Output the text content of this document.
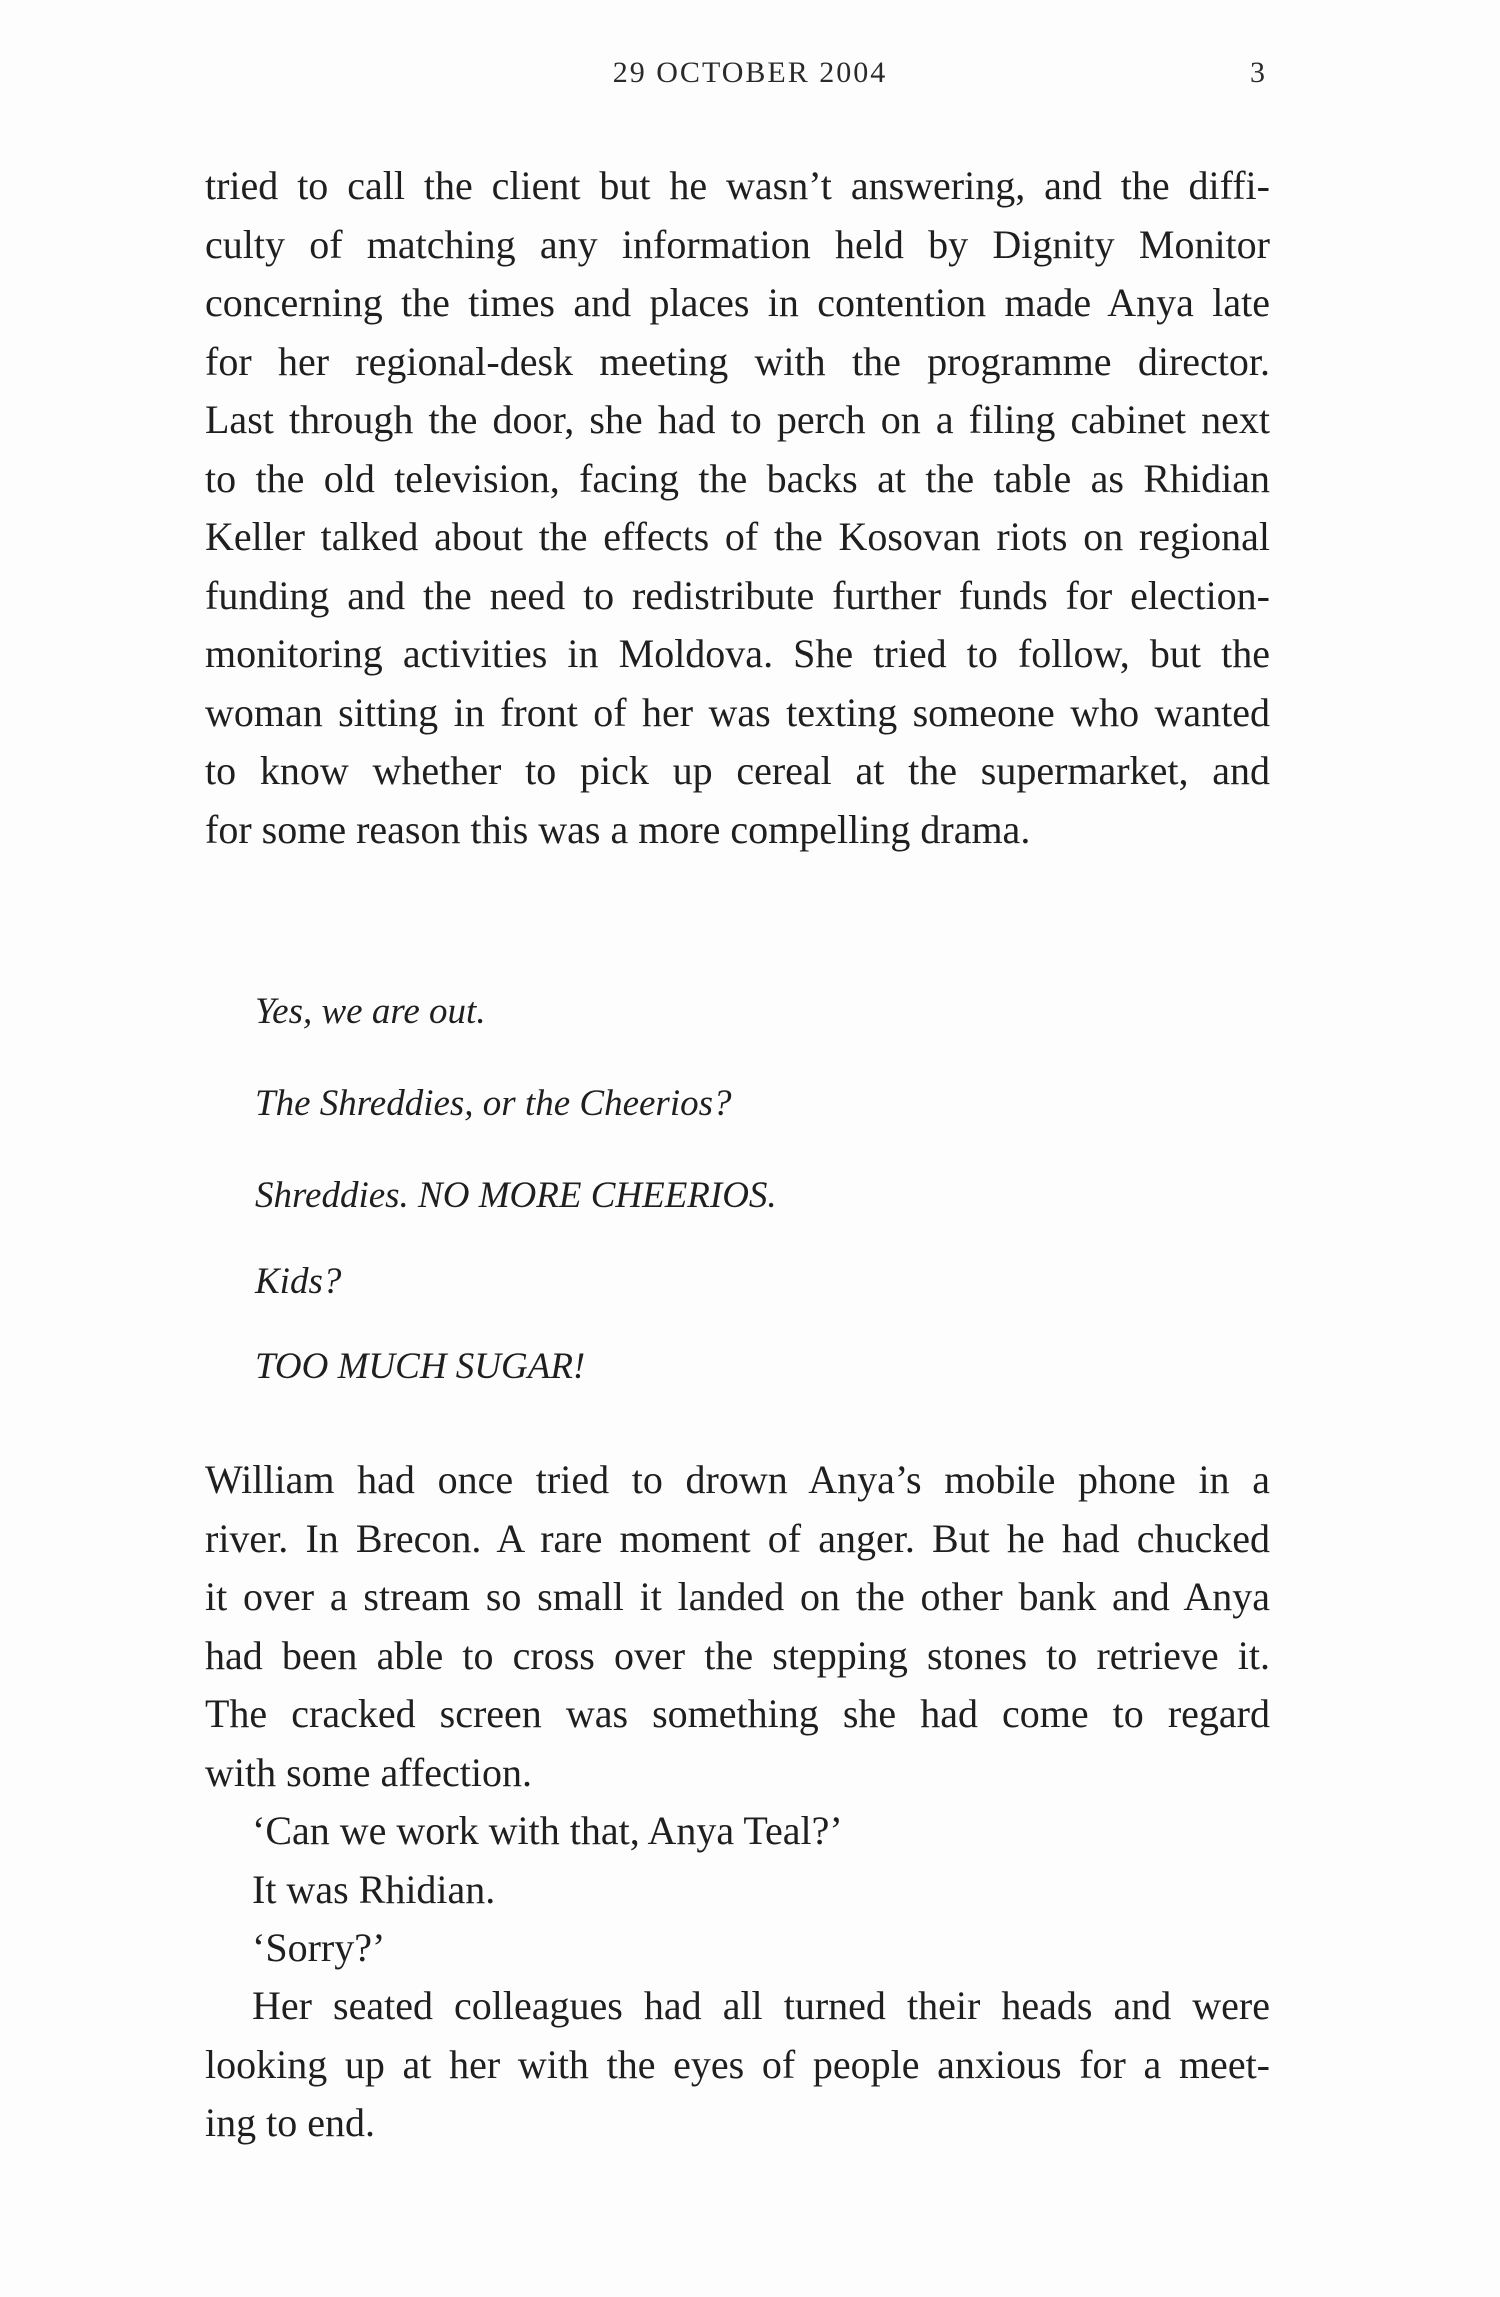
29 OCTOBER 2004	3
tried to call the client but he wasn’t answering, and the diffi-
culty of matching any information held by Dignity Monitor
concerning the times and places in contention made Anya late
for her regional-desk meeting with the programme director.
Last through the door, she had to perch on a filing cabinet next
to the old television, facing the backs at the table as Rhidian
Keller talked about the effects of the Kosovan riots on regional
funding and the need to redistribute further funds for election-
monitoring activities in Moldova. She tried to follow, but the
woman sitting in front of her was texting someone who wanted
to know whether to pick up cereal at the supermarket, and
for some reason this was a more compelling drama.
Yes, we are out.
The Shreddies, or the Cheerios?
Shreddies. NO MORE CHEERIOS.
Kids?
TOO MUCH SUGAR!
William had once tried to drown Anya’s mobile phone in a
river. In Brecon. A rare moment of anger. But he had chucked
it over a stream so small it landed on the other bank and Anya
had been able to cross over the stepping stones to retrieve it.
The cracked screen was something she had come to regard
with some affection.
‘Can we work with that, Anya Teal?’
It was Rhidian.
‘Sorry?’
Her seated colleagues had all turned their heads and were
looking up at her with the eyes of people anxious for a meet-
ing to end.
